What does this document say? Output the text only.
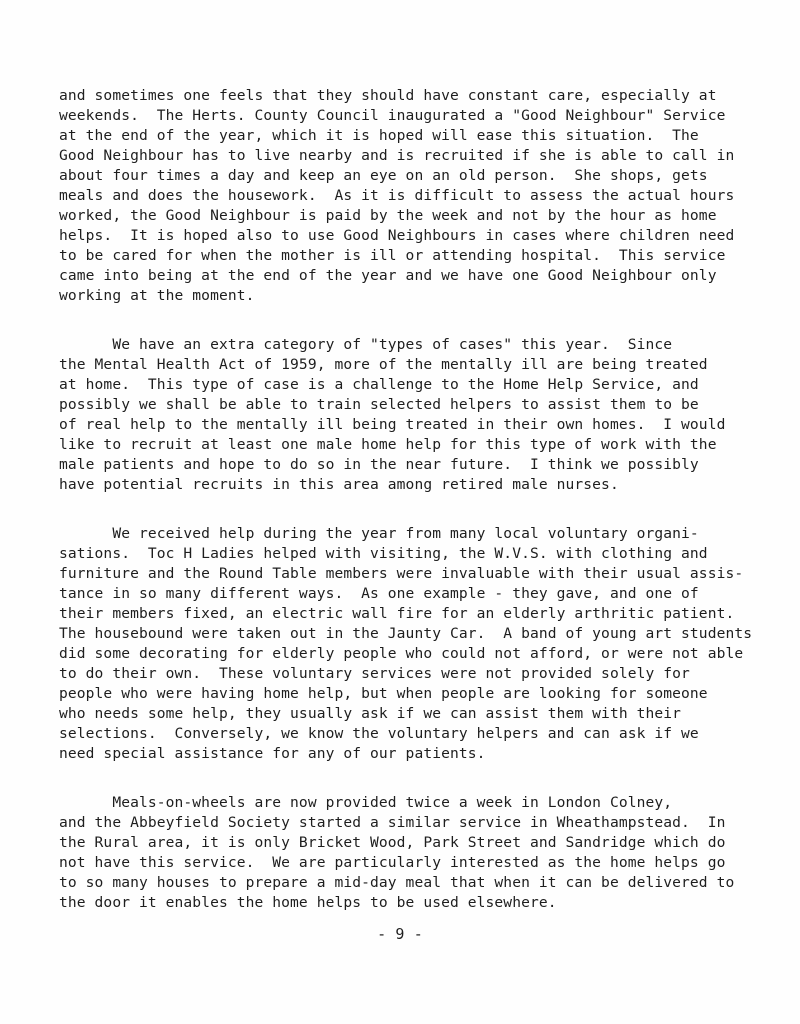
and sometimes one feels that they should have constant care, especially at
weekends.  The Herts. County Council inaugurated a "Good Neighbour" Service
at the end of the year, which it is hoped will ease this situation.  The
Good Neighbour has to live nearby and is recruited if she is able to call in
about four times a day and keep an eye on an old person.  She shops, gets
meals and does the housework.  As it is difficult to assess the actual hours
worked, the Good Neighbour is paid by the week and not by the hour as home
helps.  It is hoped also to use Good Neighbours in cases where children need
to be cared for when the mother is ill or attending hospital.  This service
came into being at the end of the year and we have one Good Neighbour only
working at the moment.
We have an extra category of "types of cases" this year.  Since
the Mental Health Act of 1959, more of the mentally ill are being treated
at home.  This type of case is a challenge to the Home Help Service, and
possibly we shall be able to train selected helpers to assist them to be
of real help to the mentally ill being treated in their own homes.  I would
like to recruit at least one male home help for this type of work with the
male patients and hope to do so in the near future.  I think we possibly
have potential recruits in this area among retired male nurses.
We received help during the year from many local voluntary organi-
sations.  Toc H Ladies helped with visiting, the W.V.S. with clothing and
furniture and the Round Table members were invaluable with their usual assis-
tance in so many different ways.  As one example - they gave, and one of
their members fixed, an electric wall fire for an elderly arthritic patient.
The housebound were taken out in the Jaunty Car.  A band of young art students
did some decorating for elderly people who could not afford, or were not able
to do their own.  These voluntary services were not provided solely for
people who were having home help, but when people are looking for someone
who needs some help, they usually ask if we can assist them with their
selections.  Conversely, we know the voluntary helpers and can ask if we
need special assistance for any of our patients.
Meals-on-wheels are now provided twice a week in London Colney,
and the Abbeyfield Society started a similar service in Wheathampstead.  In
the Rural area, it is only Bricket Wood, Park Street and Sandridge which do
not have this service.  We are particularly interested as the home helps go
to so many houses to prepare a mid-day meal that when it can be delivered to
the door it enables the home helps to be used elsewhere.
- 9 -
